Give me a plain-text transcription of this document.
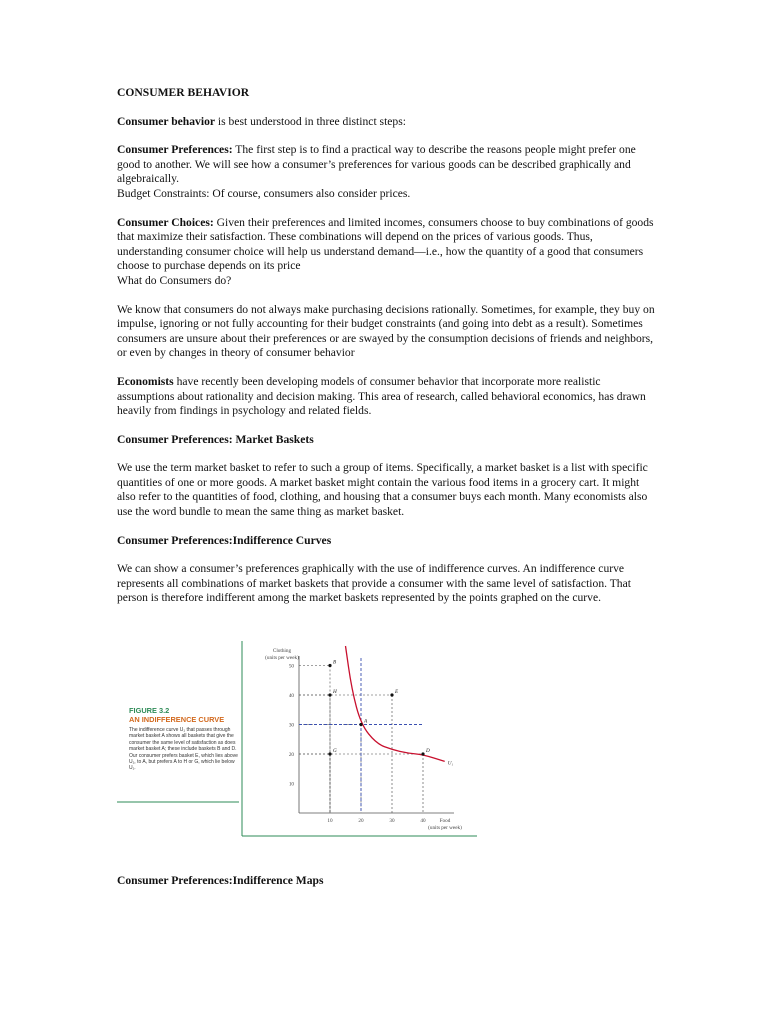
CONSUMER BEHAVIOR

Consumer behavior is best understood in three distinct steps:

Consumer Preferences: The first step is to find a practical way to describe the reasons people might prefer one good to another. We will see how a consumer’s preferences for various goods can be described graphically and algebraically.
Budget Constraints: Of course, consumers also consider prices.

Consumer Choices: Given their preferences and limited incomes, consumers choose to buy combinations of goods that maximize their satisfaction. These combinations will depend on the prices of various goods. Thus, understanding consumer choice will help us understand demand—i.e., how the quantity of a good that consumers choose to purchase depends on its price
What do Consumers do?

We know that consumers do not always make purchasing decisions rationally. Sometimes, for example, they buy on impulse, ignoring or not fully accounting for their budget constraints (and going into debt as a result). Sometimes consumers are unsure about their preferences or are swayed by the consumption decisions of friends and neighbors, or even by changes in theory of consumer behavior

Economists have recently been developing models of consumer behavior that incorporate more realistic assumptions about rationality and decision making. This area of research, called behavioral economics, has drawn heavily from findings in psychology and related fields.

Consumer Preferences: Market Baskets

We use the term market basket to refer to such a group of items. Specifically, a market basket is a list with specific quantities of one or more goods. A market basket might contain the various food items in a grocery cart. It might also refer to the quantities of food, clothing, and housing that a consumer buys each month. Many economists also use the word bundle to mean the same thing as market basket.

Consumer Preferences:Indifference Curves

We can show a consumer’s preferences graphically with the use of indifference curves. An indifference curve represents all combinations of market baskets that provide a consumer with the same level of satisfaction. That person is therefore indifferent among the market baskets represented by the points graphed on the curve.

Clothing
(units per week)
Food
(units per week)
10
20
30
40
50
10	20	30	40
U₁
B
H	E
A
G	D
FIGURE 3.2
AN INDIFFERENCE CURVE
The indifference curve U₁ that passes through market basket A shows all baskets that give the consumer the same level of satisfaction as does market basket A; these include baskets B and D. Our consumer prefers basket E, which lies above U₁, to A, but prefers A to H or G, which lie below U₁.
Consumer Preferences:Indifference Maps
